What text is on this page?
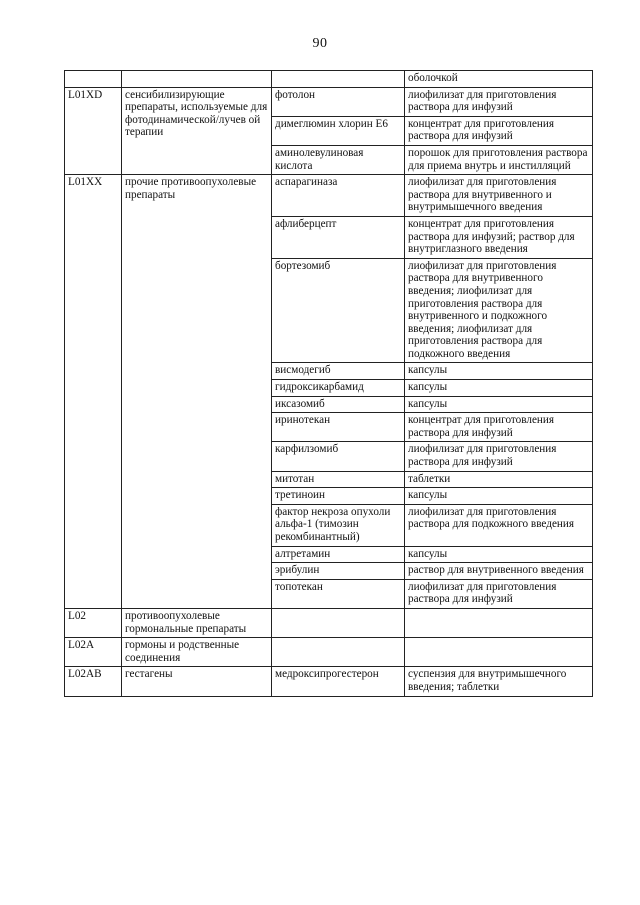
90
			оболочкой
L01XD	сенсибилизирующие препараты, используемые для фотодинамической/лучев ой терапии	фотолон	лиофилизат для приготовления раствора для инфузий
		димеглюмин хлорин Е6	концентрат для приготовления раствора для инфузий
		аминолевулиновая кислота	порошок для приготовления раствора для приема внутрь и инстилляций
L01XX	прочие противоопухолевые препараты	аспарагиназа	лиофилизат для приготовления раствора для внутривенного и внутримышечного введения
		афлиберцепт	концентрат для приготовления раствора для инфузий; раствор для внутриглазного введения
		бортезомиб	лиофилизат для приготовления раствора для внутривенного введения; лиофилизат для приготовления раствора для внутривенного и подкожного введения; лиофилизат для приготовления раствора для подкожного введения
		висмодегиб	капсулы
		гидроксикарбамид	капсулы
		иксазомиб	капсулы
		иринотекан	концентрат для приготовления раствора для инфузий
		карфилзомиб	лиофилизат для приготовления раствора для инфузий
		митотан	таблетки
		третиноин	капсулы
		фактор некроза опухоли альфа-1 (тимозин рекомбинантный)	лиофилизат для приготовления раствора для подкожного введения
		алтретамин	капсулы
		эрибулин	раствор для внутривенного введения
		топотекан	лиофилизат для приготовления раствора для инфузий
L02	противоопухолевые гормональные препараты		
L02A	гормоны и родственные соединения		
L02AB	гестагены	медроксипрогестерон	суспензия для внутримышечного введения; таблетки
